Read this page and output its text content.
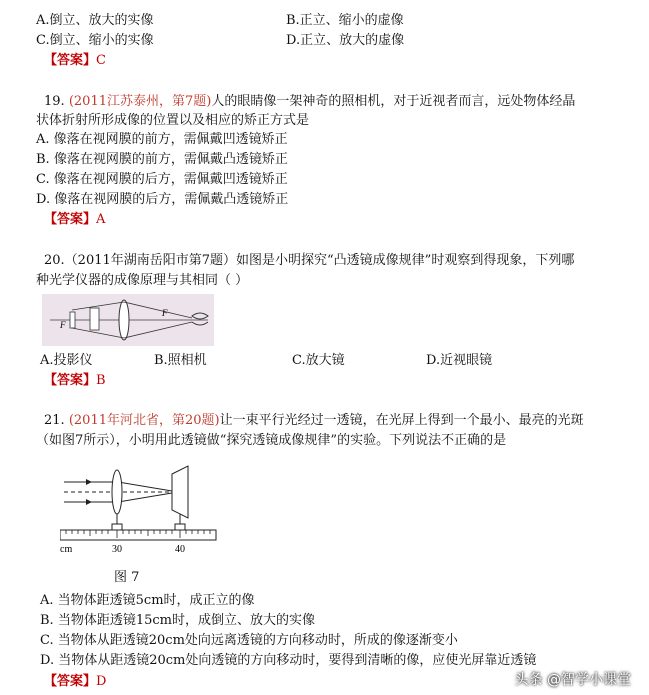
A.倒立、放大的实像	B.正立、缩小的虚像
C.倒立、缩小的实像	D.正立、放大的虚像
【答案】C
19. (2011江苏泰州，第7题)人的眼睛像一架神奇的照相机，对于近视者而言，远处物体经晶
状体折射所形成像的位置以及相应的矫正方式是
A. 像落在视网膜的前方，需佩戴凹透镜矫正
B. 像落在视网膜的前方，需佩戴凸透镜矫正
C. 像落在视网膜的后方，需佩戴凹透镜矫正
D. 像落在视网膜的后方，需佩戴凸透镜矫正
【答案】A
20.（2011年湖南岳阳市第7题）如图是小明探究“凸透镜成像规律”时观察到得现象，下列哪
种光学仪器的成像原理与其相同（ ）
F
F
A.投影仪	B.照相机	C.放大镜	D.近视眼镜
【答案】B
21. (2011年河北省，第20题)让一束平行光经过一透镜，在光屏上得到一个最小、最亮的光斑
（如图7所示），小明用此透镜做“探究透镜成像规律”的实验。下列说法不正确的是
cm	30	40
图 7
A. 当物体距透镜5cm时，成正立的像
B. 当物体距透镜15cm时，成倒立、放大的实像
C. 当物体从距透镜20cm处向远离透镜的方向移动时，所成的像逐渐变小
D. 当物体从距透镜20cm处向透镜的方向移动时，要得到清晰的像，应使光屏靠近透镜
【答案】D	头条 @智学小课堂
